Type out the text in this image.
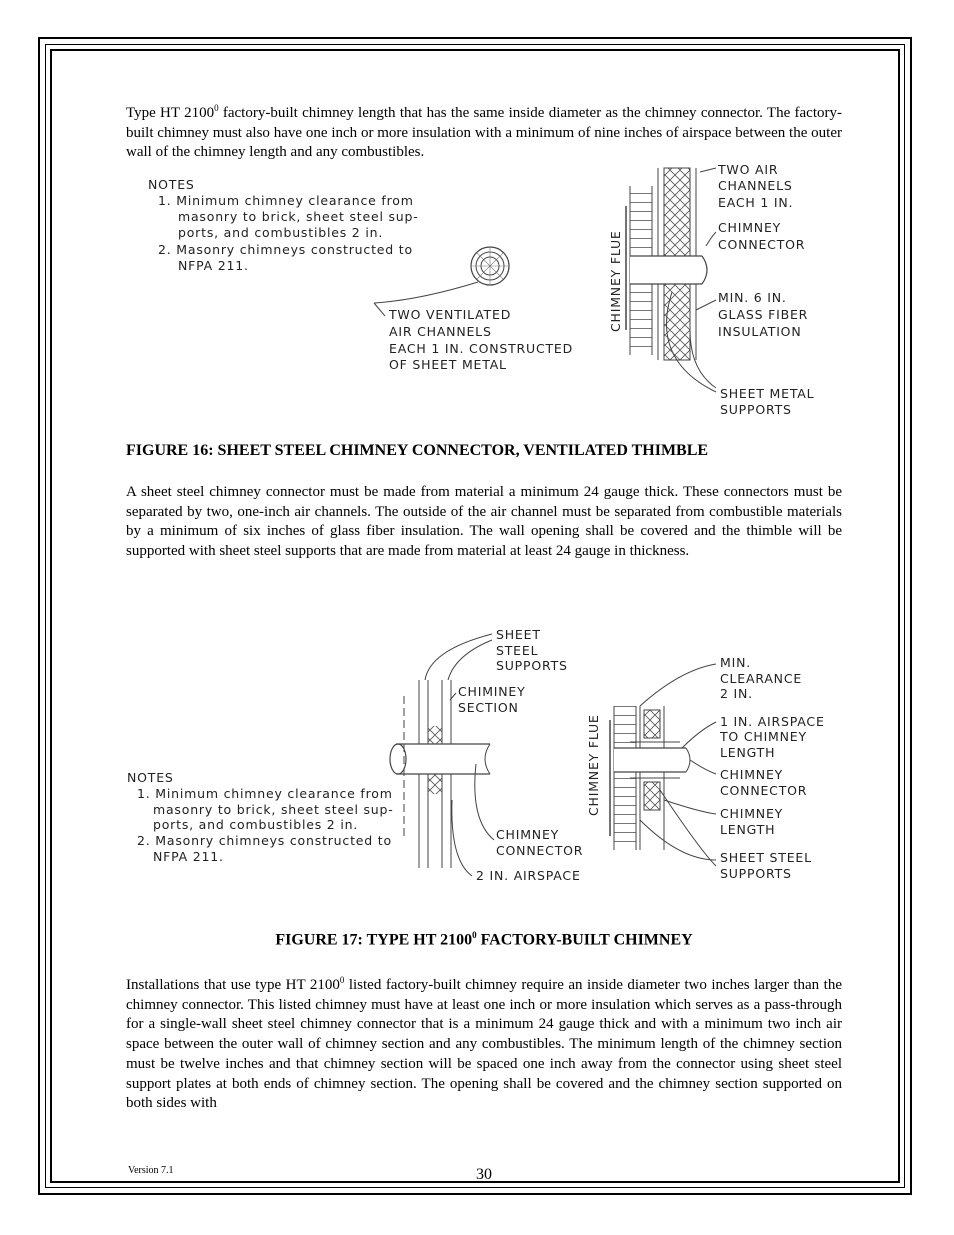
Type HT 2100$^0$ factory-built chimney length that has the same inside diameter as the chimney connector. The factory-built chimney must also have one inch or more insulation with a minimum of nine inches of airspace between the outer wall of the chimney length and any combustibles.

NOTES
1. Minimum chimney clearance from
masonry to brick, sheet steel sup-
ports, and combustibles 2 in.
2. Masonry chimneys constructed to
NFPA 211.
TWO VENTILATED
AIR CHANNELS
EACH 1 IN. CONSTRUCTED
OF SHEET METAL
CHIMNEY FLUE
TWO AIR
CHANNELS
EACH 1 IN.
CHIMNEY
CONNECTOR
MIN. 6 IN.
GLASS FIBER
INSULATION
SHEET METAL
SUPPORTS
NOTES
1. Minimum chimney clearance from
masonry to brick, sheet steel sup-
ports, and combustibles 2 in.
2. Masonry chimneys constructed to
NFPA 211.
SHEET
STEEL
SUPPORTS
CHIMINEY
SECTION
CHIMNEY
CONNECTOR
2 IN. AIRSPACE
CHIMNEY FLUE
MIN.
CLEARANCE
2 IN.
1 IN. AIRSPACE
TO CHIMNEY
LENGTH
CHIMNEY
CONNECTOR
CHIMNEY
LENGTH
SHEET STEEL
SUPPORTS

FIGURE 16: SHEET STEEL CHIMNEY CONNECTOR, VENTILATED THIMBLE

A sheet steel chimney connector must be made from material a minimum 24 gauge thick. These connectors must be separated by two, one-inch air channels. The outside of the air channel must be separated from combustible materials by a minimum of six inches of glass fiber insulation. The wall opening shall be covered and the thimble will be supported with sheet steel supports that are made from material at least 24 gauge in thickness.

FIGURE 17: TYPE HT 2100$^0$ FACTORY-BUILT CHIMNEY

Installations that use type HT 2100$^0$ listed factory-built chimney require an inside diameter two inches larger than the chimney connector. This listed chimney must have at least one inch or more insulation which serves as a pass-through for a single-wall sheet steel chimney connector that is a minimum 24 gauge thick and with a minimum two inch air space between the outer wall of chimney section and any combustibles. The minimum length of the chimney section must be twelve inches and that chimney section will be spaced one inch away from the connector using sheet steel support plates at both ends of chimney section. The opening shall be covered and the chimney section supported on both sides with

Version 7.1	30
